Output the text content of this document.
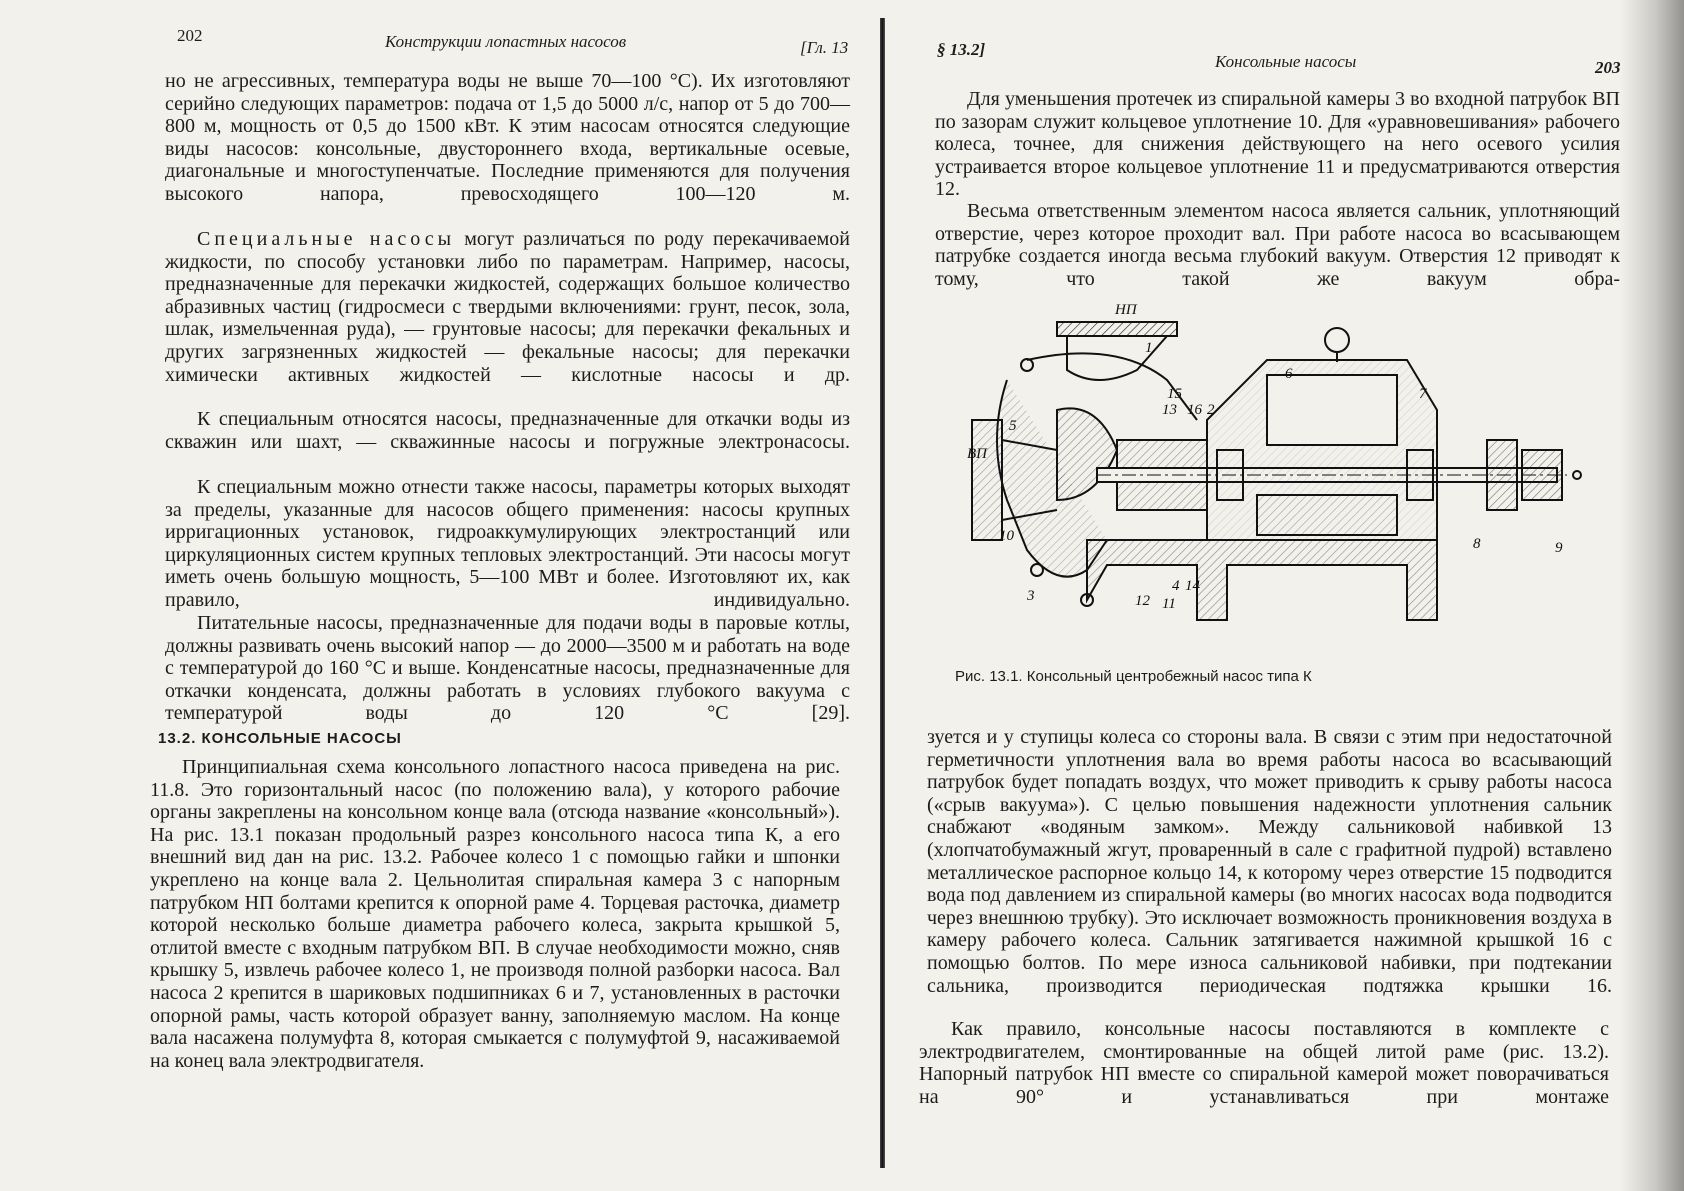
202	Конструкции лопастных насосов	[Гл. 13

но не агрессивных, температура воды не выше 70—100 °С). Их изготовляют серийно следующих параметров: подача от 1,5 до 5000 л/с, напор от 5 до 700—800 м, мощность от 0,5 до 1500 кВт. К этим насосам относятся следующие виды насосов: консольные, двустороннего входа, вертикальные осевые, диагональные и многоступенчатые. Последние применяются для получения высокого напора, превосходящего 100—120 м.

Специальные насосы могут различаться по роду перекачиваемой жидкости, по способу установки либо по параметрам. Например, насосы, предназначенные для перекачки жидкостей, содержащих большое количество абразивных частиц (гидросмеси с твердыми включениями: грунт, песок, зола, шлак, измельченная руда), — грунтовые насосы; для перекачки фекальных и других загрязненных жидкостей — фекальные насосы; для перекачки химически активных жидкостей — кислотные насосы и др.

К специальным относятся насосы, предназначенные для откачки воды из скважин или шахт, — скважинные насосы и погружные электронасосы.

К специальным можно отнести также насосы, параметры которых выходят за пределы, указанные для насосов общего применения: насосы крупных ирригационных установок, гидроаккумулирующих электростанций или циркуляционных систем крупных тепловых электростанций. Эти насосы могут иметь очень большую мощность, 5—100 МВт и более. Изготовляют их, как правило, индивидуально.

Питательные насосы, предназначенные для подачи воды в паровые котлы, должны развивать очень высокий напор — до 2000—3500 м и работать на воде с температурой до 160 °С и выше. Конденсатные насосы, предназначенные для откачки конденсата, должны работать в условиях глубокого вакуума с температурой воды до 120 °С [29].

13.2. КОНСОЛЬНЫЕ НАСОСЫ

Принципиальная схема консольного лопастного насоса приведена на рис. 11.8. Это горизонтальный насос (по положению вала), у которого рабочие органы закреплены на консольном конце вала (отсюда название «консольный»). На рис. 13.1 показан продольный разрез консольного насоса типа К, а его внешний вид дан на рис. 13.2. Рабочее колесо 1 с помощью гайки и шпонки укреплено на конце вала 2. Цельнолитая спиральная камера 3 с напорным патрубком НП болтами крепится к опорной раме 4. Торцевая расточка, диаметр которой несколько больше диаметра рабочего колеса, закрыта крышкой 5, отлитой вместе с входным патрубком ВП. В случае необходимости можно, сняв крышку 5, извлечь рабочее колесо 1, не производя полной разборки насоса. Вал насоса 2 крепится в шариковых подшипниках 6 и 7, установленных в расточки опорной рамы, часть которой образует ванну, заполняемую маслом. На конце вала насажена полумуфта 8, которая смыкается с полумуфтой 9, насаживаемой на конец вала электродвигателя.

§ 13.2]
Консольные насосы	203

Для уменьшения протечек из спиральной камеры 3 во входной патрубок ВП по зазорам служит кольцевое уплотнение 10. Для «уравновешивания» рабочего колеса, точнее, для снижения действующего на него осевого усилия устраивается второе кольцевое уплотнение 11 и предусматриваются отверстия 12.

Весьма ответственным элементом насоса является сальник, уплотняющий отверстие, через которое проходит вал. При работе насоса во всасывающем патрубке создается иногда весьма глубокий вакуум. Отверстия 12 приводят к тому, что такой же вакуум обра-

НП
1
15
13 16 2
6
7
5
ВП
10
3	12 11
4 14
8	9
Рис. 13.1. Консольный центробежный насос типа К

зуется и у ступицы колеса со стороны вала. В связи с этим при недостаточной герметичности уплотнения вала во время работы насоса во всасывающий патрубок будет попадать воздух, что может приводить к срыву работы насоса («срыв вакуума»). С целью повышения надежности уплотнения сальник снабжают «водяным замком». Между сальниковой набивкой 13 (хлопчатобумажный жгут, проваренный в сале с графитной пудрой) вставлено металлическое распорное кольцо 14, к которому через отверстие 15 подводится вода под давлением из спиральной камеры (во многих насосах вода подводится через внешнюю трубку). Это исключает возможность проникновения воздуха в камеру рабочего колеса. Сальник затягивается нажимной крышкой 16 с помощью болтов. По мере износа сальниковой набивки, при подтекании сальника, производится периодическая подтяжка крышки 16.

Как правило, консольные насосы поставляются в комплекте с электродвигателем, смонтированные на общей литой раме (рис. 13.2). Напорный патрубок НП вместе со спиральной камерой может поворачиваться на 90° и устанавливаться при монтаже
